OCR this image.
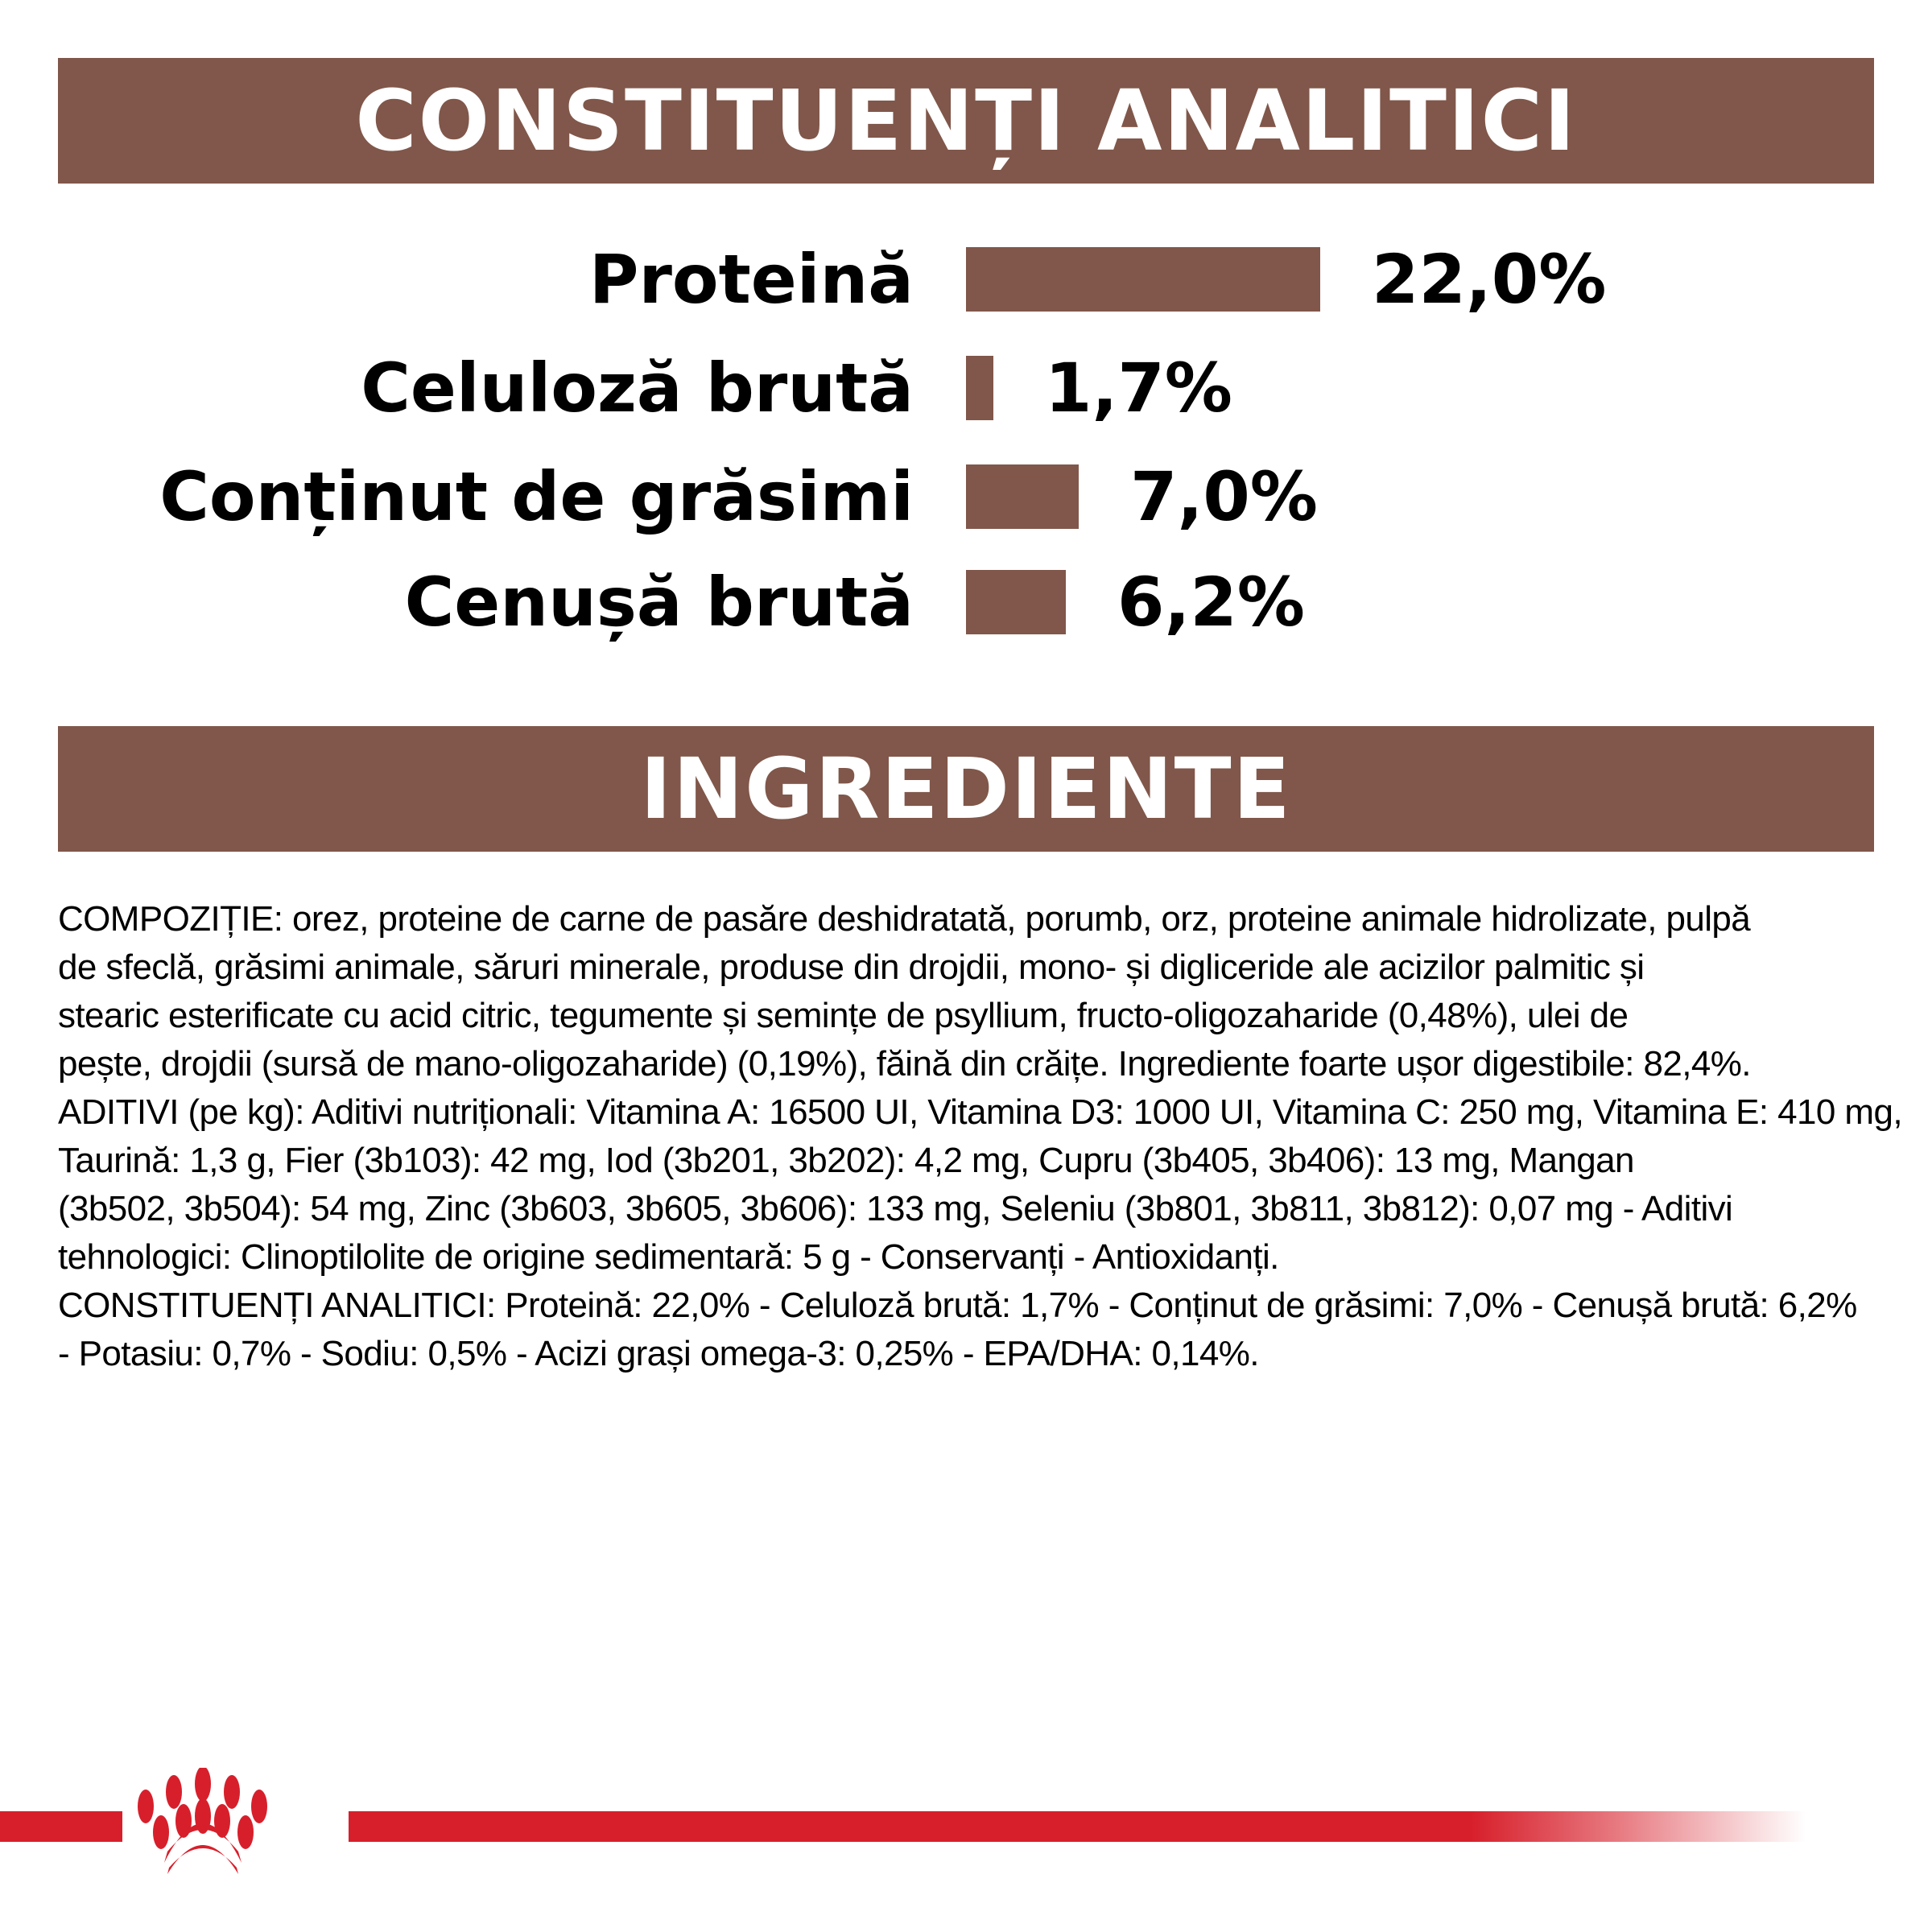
CONSTITUENȚI ANALITICI
Proteină	22,0%
Celuloză brută 1,7%
Conținut de grăsimi	7,0%
Cenușă brută	6,2%
INGREDIENTE
COMPOZIȚIE: orez, proteine de carne de pasăre deshidratată, porumb, orz, proteine animale hidrolizate, pulpă
de sfeclă, grăsimi animale, săruri minerale, produse din drojdii, mono- și digliceride ale acizilor palmitic și
stearic esterificate cu acid citric, tegumente și semințe de psyllium, fructo-oligozaharide (0,48%), ulei de
pește, drojdii (sursă de mano-oligozaharide) (0,19%), făină din crăițe. Ingrediente foarte ușor digestibile: 82,4%.
ADITIVI (pe kg): Aditivi nutriționali: Vitamina A: 16500 UI, Vitamina D3: 1000 UI, Vitamina C: 250 mg, Vitamina E: 410 mg,
Taurină: 1,3 g, Fier (3b103): 42 mg, Iod (3b201, 3b202): 4,2 mg, Cupru (3b405, 3b406): 13 mg, Mangan
(3b502, 3b504): 54 mg, Zinc (3b603, 3b605, 3b606): 133 mg, Seleniu (3b801, 3b811, 3b812): 0,07 mg - Aditivi
tehnologici: Clinoptilolite de origine sedimentară: 5 g - Conservanți - Antioxidanți.
CONSTITUENȚI ANALITICI: Proteină: 22,0% - Celuloză brută: 1,7% - Conținut de grăsimi: 7,0% - Cenușă brută: 6,2%
- Potasiu: 0,7% - Sodiu: 0,5% - Acizi grași omega-3: 0,25% - EPA/DHA: 0,14%.
